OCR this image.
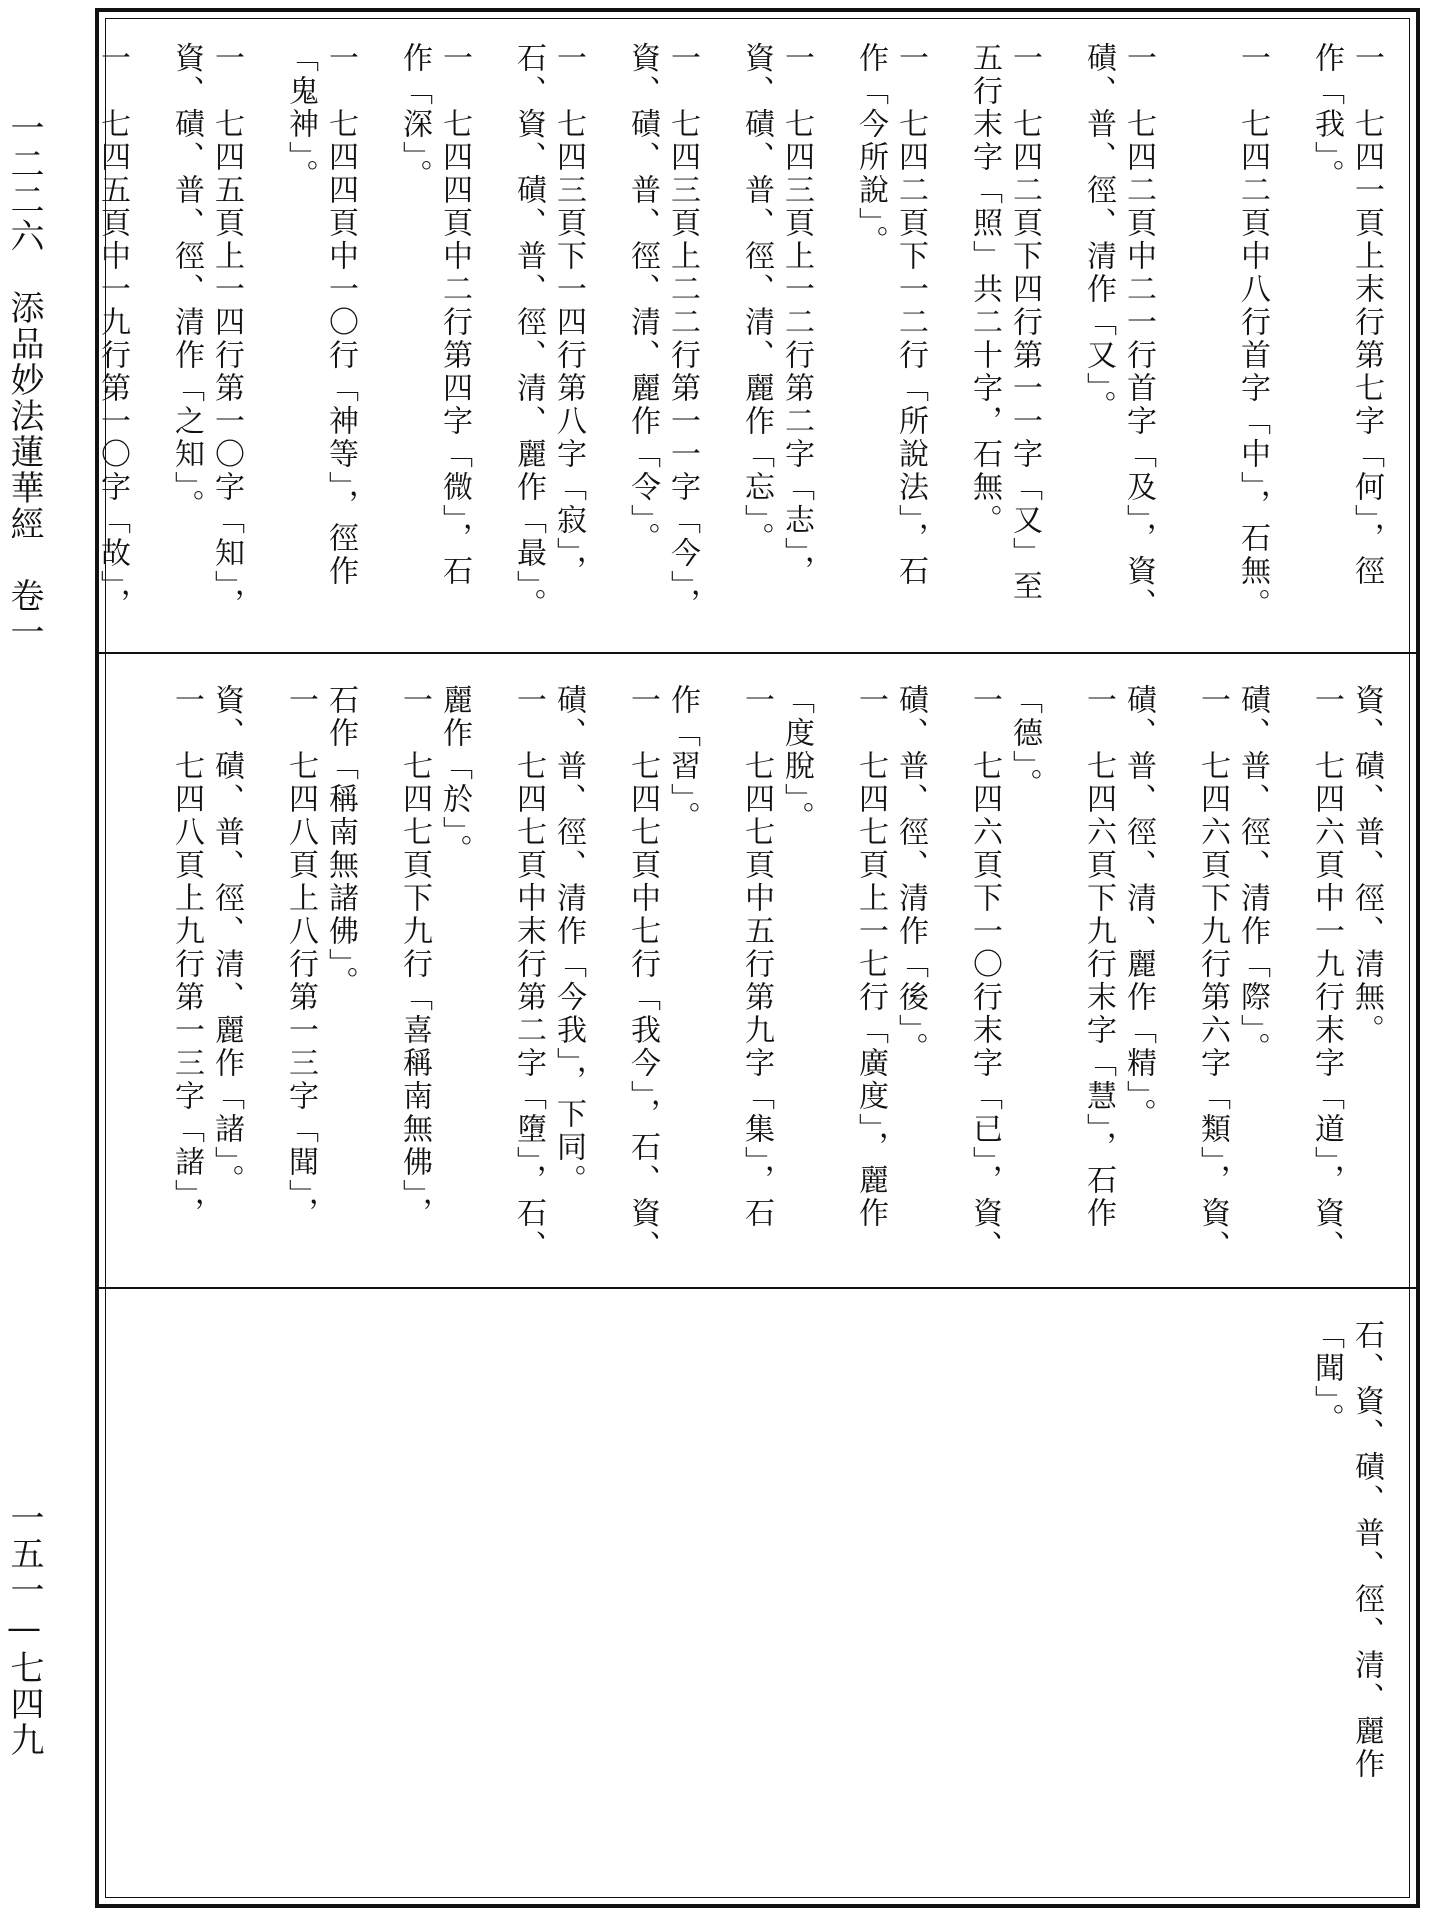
一二二六　添品妙法蓮華經　卷一
一五一—七四九
一　七四一頁上末行第七字「何」，徑
作「我」。
一　七四二頁中八行首字「中」，石無。
一　七四二頁中二一行首字「及」，資、
磧、普、徑、清作「又」。
一　七四二頁下四行第一一字「又」至
五行末字「照」共二十字，石無。
一　七四二頁下一二行「所說法」，石
作「今所說」。
一　七四三頁上一二行第二字「志」，
資、磧、普、徑、清、麗作「忘」。
一　七四三頁上二二行第一一字「今」，
資、磧、普、徑、清、麗作「令」。
一　七四三頁下一四行第八字「寂」，
石、資、磧、普、徑、清、麗作「最」。
一　七四四頁中二行第四字「微」，石
作「深」。
一　七四四頁中一〇行「神等」，徑作
「鬼神」。
一　七四五頁上一四行第一〇字「知」，
資、磧、普、徑、清作「之知」。
一　七四五頁中一九行第一〇字「故」，
資、磧、普、徑、清無。
一　七四六頁中一九行末字「道」，資、
磧、普、徑、清作「際」。
一　七四六頁下九行第六字「類」，資、
磧、普、徑、清、麗作「精」。
一　七四六頁下九行末字「慧」，石作
「德」。
一　七四六頁下一〇行末字「已」，資、
磧、普、徑、清作「後」。
一　七四七頁上一七行「廣度」，麗作
「度脫」。
一　七四七頁中五行第九字「集」，石
作「習」。
一　七四七頁中七行「我今」，石、資、
磧、普、徑、清作「今我」，下同。
一　七四七頁中末行第二字「墮」，石、
麗作「於」。
一　七四七頁下九行「喜稱南無佛」，
石作「稱南無諸佛」。
一　七四八頁上八行第一三字「聞」，
資、磧、普、徑、清、麗作「諸」。
一　七四八頁上九行第一三字「諸」，
石、資、磧、普、徑、清、麗作
「聞」。
